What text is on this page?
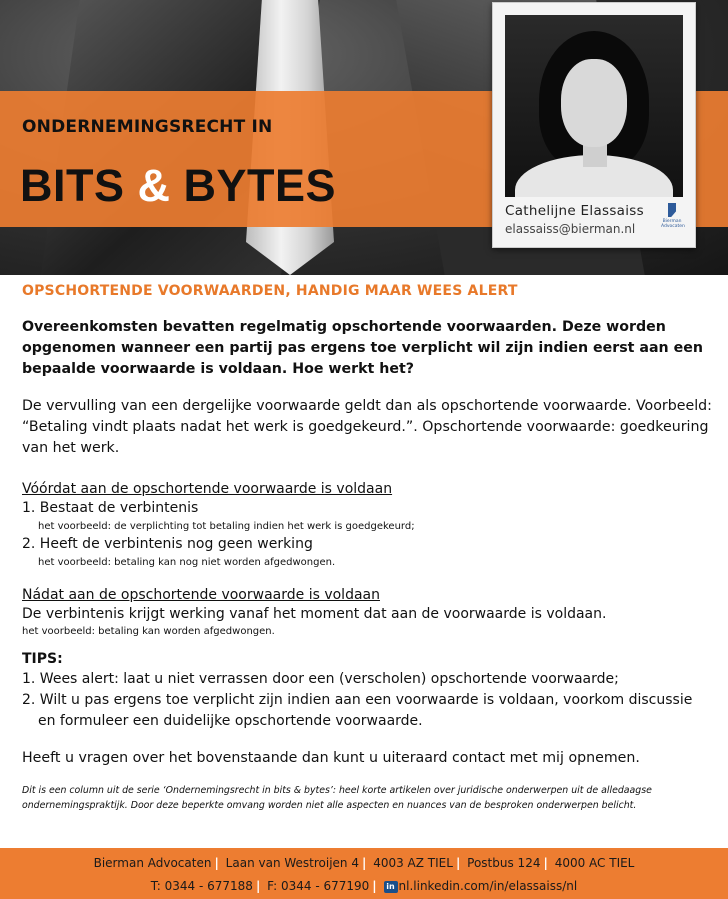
ONDERNEMINGSRECHT IN
BITS & BYTES	Cathelijne Elassaiss
elassaiss@bierman.nl
Bierman Advocaten
OPSCHORTENDE VOORWAARDEN, HANDIG MAAR WEES ALERT
Overeenkomsten bevatten regelmatig opschortende voorwaarden. Deze worden opgenomen wanneer een partij pas ergens toe verplicht wil zijn indien eerst aan een bepaalde voorwaarde is voldaan. Hoe werkt het?
De vervulling van een dergelijke voorwaarde geldt dan als opschortende voorwaarde. Voorbeeld: “Betaling vindt plaats nadat het werk is goedgekeurd.”. Opschortende voorwaarde: goedkeuring van het werk.
Vóórdat aan de opschortende voorwaarde is voldaan
1. Bestaat de verbintenis
het voorbeeld: de verplichting tot betaling indien het werk is goedgekeurd;
2. Heeft de verbintenis nog geen werking
het voorbeeld: betaling kan nog niet worden afgedwongen.
Nádat aan de opschortende voorwaarde is voldaan
De verbintenis krijgt werking vanaf het moment dat aan de voorwaarde is voldaan.
het voorbeeld: betaling kan worden afgedwongen.
TIPS:
1. Wees alert: laat u niet verrassen door een (verscholen) opschortende voorwaarde;
2. Wilt u pas ergens toe verplicht zijn indien aan een voorwaarde is voldaan, voorkom discussie en formuleer een duidelijke opschortende voorwaarde.
Heeft u vragen over het bovenstaande dan kunt u uiteraard contact met mij opnemen.
Dit is een column uit de serie ‘Ondernemingsrecht in bits & bytes’: heel korte artikelen over juridische onderwerpen uit de alledaagse ondernemingspraktijk. Door deze beperkte omvang worden niet alle aspecten en nuances van de besproken onderwerpen belicht.
Bierman Advocaten | Laan van Westroijen 4 | 4003 AZ TIEL | Postbus 124 | 4000 AC TIEL
T: 0344 - 677188 | F: 0344 - 677190 | in nl.linkedin.com/in/elassaiss/nl
